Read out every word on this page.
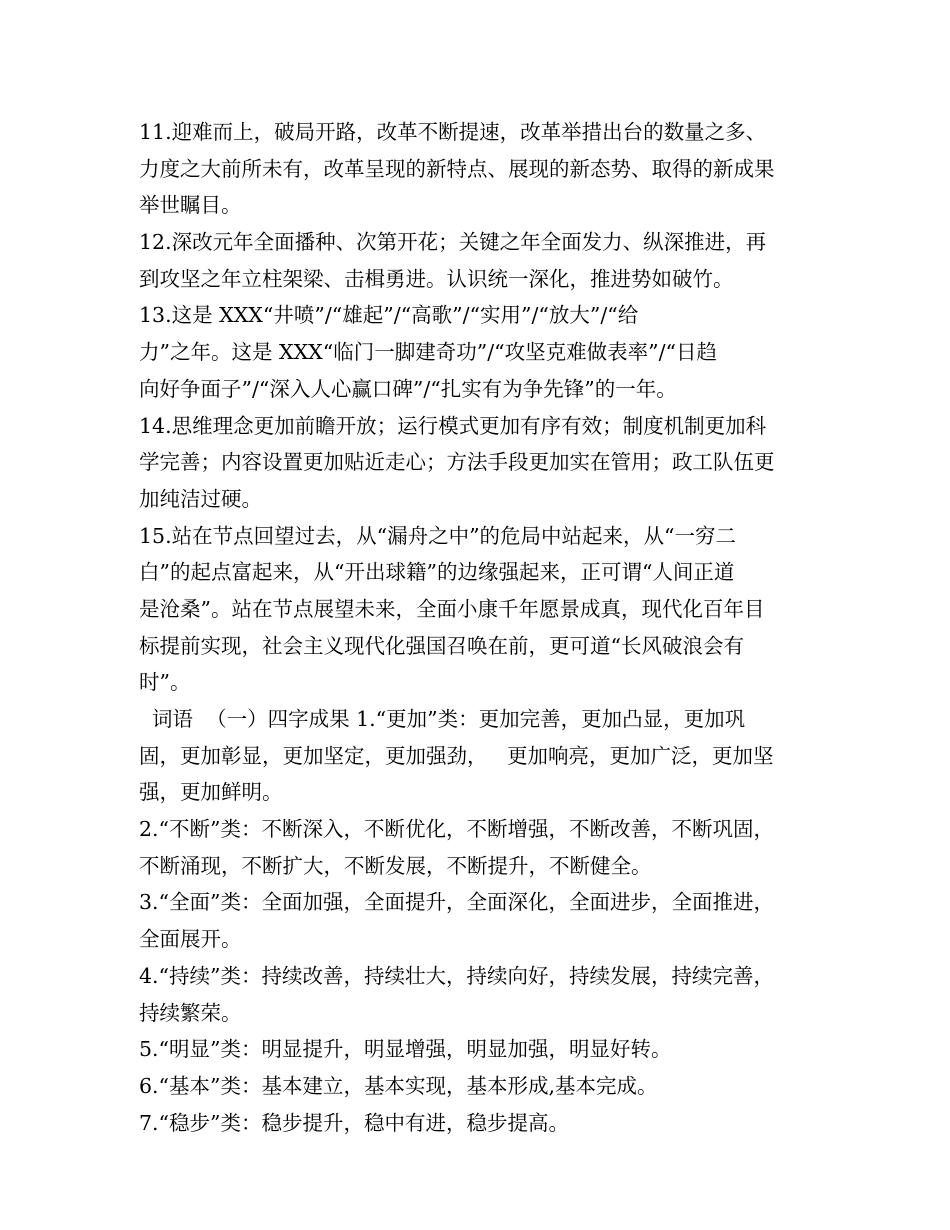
11.迎难而上，破局开路，改革不断提速，改革举措出台的数量之多、
力度之大前所未有，改革呈现的新特点、展现的新态势、取得的新成果
举世瞩目。
12.深改元年全面播种、次第开花；关键之年全面发力、纵深推进，再
到攻坚之年立柱架梁、击楫勇进。认识统一深化，推进势如破竹。
13.这是 XXX“井喷”/“雄起”/“高歌”/“实用”/“放大”/“给
力”之年。这是 XXX“临门一脚建奇功”/“攻坚克难做表率”/“日趋
向好争面子”/“深入人心赢口碑”/“扎实有为争先锋”的一年。
14.思维理念更加前瞻开放；运行模式更加有序有效；制度机制更加科
学完善；内容设置更加贴近走心；方法手段更加实在管用；政工队伍更
加纯洁过硬。
15.站在节点回望过去，从“漏舟之中”的危局中站起来，从“一穷二
白”的起点富起来，从“开出球籍”的边缘强起来，正可谓“人间正道
是沧桑”。站在节点展望未来，全面小康千年愿景成真，现代化百年目
标提前实现，社会主义现代化强国召唤在前，更可道“长风破浪会有
时”。
词语  （一）四字成果 1.“更加”类：更加完善，更加凸显，更加巩
固，更加彰显，更加坚定，更加强劲，   更加响亮，更加广泛，更加坚
强，更加鲜明。
2.“不断”类：不断深入，不断优化，不断增强，不断改善，不断巩固，
不断涌现，不断扩大，不断发展，不断提升，不断健全。
3.“全面”类：全面加强，全面提升，全面深化，全面进步，全面推进，
全面展开。
4.“持续”类：持续改善，持续壮大，持续向好，持续发展，持续完善，
持续繁荣。
5.“明显”类：明显提升，明显增强，明显加强，明显好转。
6.“基本”类：基本建立，基本实现，基本形成,基本完成。
7.“稳步”类：稳步提升，稳中有进，稳步提高。
